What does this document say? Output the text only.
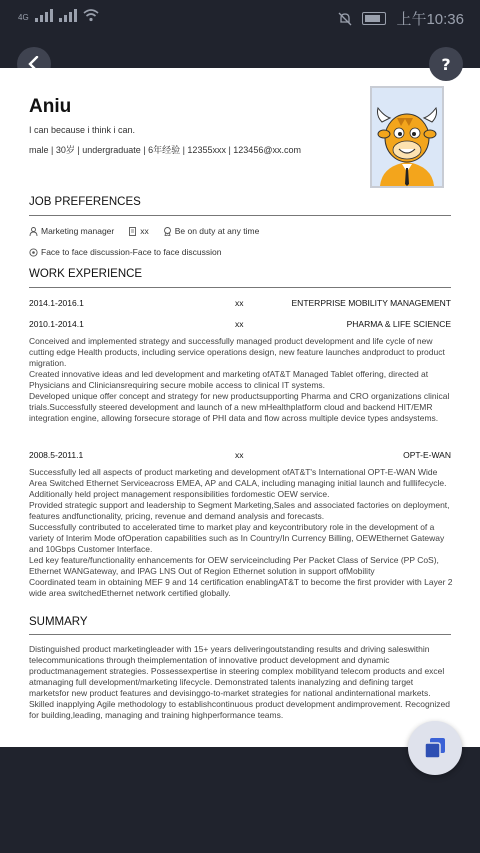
4G	上午10:36
Aniu
I can because i think i can.
male | 30岁 | undergraduate | 6年经验 | 12355xxx | 123456@xx.com
JOB PREFERENCES
Marketing manager	xx	Be on duty at any time
Face to face discussion-Face to face discussion
WORK EXPERIENCE
2014.1-2016.1	xx	ENTERPRISE MOBILITY MANAGEMENT
2010.1-2014.1	xx	PHARMA & LIFE SCIENCE

Conceived and implemented strategy and successfully managed product development and life cycle of new cutting edge Health products, including service operations design, new feature launches andproduct to product migration.
Created innovative ideas and led development and marketing ofAT&T Managed Tablet offering, directed at Physicians and Cliniciansrequiring secure mobile access to clinical IT systems.
Developed unique offer concept and strategy for new productsupporting Pharma and CRO organizations clinical trials.Successfully steered development and launch of a new mHealthplatform cloud and backend HIT/EMR integration engine, allowing forsecure storage of PHI data and flow across multiple device types andsystems.

2008.5-2011.1	xx	OPT-E-WAN

Successfully led all aspects of product marketing and development ofAT&T's International OPT-E-WAN Wide Area Switched Ethernet Serviceacross EMEA, AP and CALA, including managing initial launch and fulllifecycle. Additionally held project management responsibilities fordomestic OEW service.
Provided strategic support and leadership to Segment Marketing,Sales and associated factories on deployment, features andfunctionality, pricing, revenue and demand analysis and forecasts.
Successfully contributed to accelerated time to market play and keycontributory role in the development of a variety of Interim Mode ofOperation capabilities such as In Country/In Currency Billing, OEWEthernet Gateway and 10Gbps Customer Interface.
Led key feature/functionality enhancements for OEW serviceincluding Per Packet Class of Service (PP CoS), Ethernet WANGateway, and IPAG LNS Out of Region Ethernet solution in support ofMobility
Coordinated team in obtaining MEF 9 and 14 certification enablingAT&T to become the first provider with Layer 2 wide area switchedEthernet network certified globally.

SUMMARY

Distinguished product marketingleader with 15+ years deliveringoutstanding results and driving saleswithin telecommunications through theimplementation of innovative product development and dynamic productmanagement strategies. Possessexpertise in steering complex mobilityand telecom products and excel atmanaging full development/marketing lifecycle. Demonstrated talents inanalyzing and defining target marketsfor new product features and devisinggo-to-market strategies for national andinternational markets. Skilled inapplying Agile methodology to establishcontinuous product development andimprovement. Recognized for building,leading, managing and training highperformance teams.

?
